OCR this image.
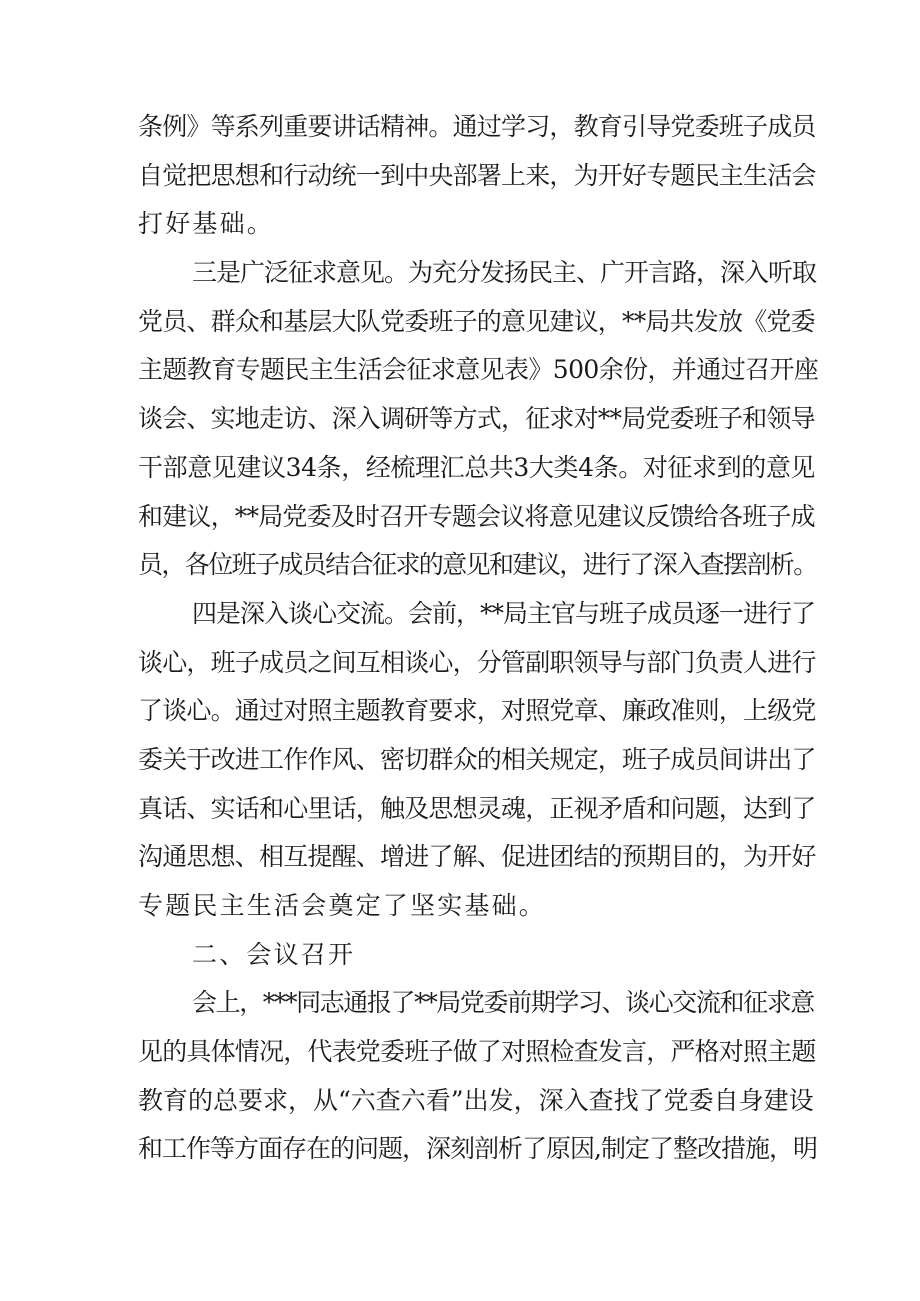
条例》等系列重要讲话精神。通过学习，教育引导党委班子成员
自觉把思想和行动统一到中央部署上来，为开好专题民主生活会
打好基础。
三是广泛征求意见。为充分发扬民主、广开言路，深入听取
党员、群众和基层大队党委班子的意见建议，**局共发放《党委
主题教育专题民主生活会征求意见表》500余份，并通过召开座
谈会、实地走访、深入调研等方式，征求对**局党委班子和领导
干部意见建议34条，经梳理汇总共3大类4条。对征求到的意见
和建议，**局党委及时召开专题会议将意见建议反馈给各班子成
员，各位班子成员结合征求的意见和建议，进行了深入查摆剖析。
四是深入谈心交流。会前，**局主官与班子成员逐一进行了
谈心，班子成员之间互相谈心，分管副职领导与部门负责人进行
了谈心。通过对照主题教育要求，对照党章、廉政准则，上级党
委关于改进工作作风、密切群众的相关规定，班子成员间讲出了
真话、实话和心里话，触及思想灵魂，正视矛盾和问题，达到了
沟通思想、相互提醒、增进了解、促进团结的预期目的，为开好
专题民主生活会奠定了坚实基础。
二、会议召开
会上，***同志通报了**局党委前期学习、谈心交流和征求意
见的具体情况，代表党委班子做了对照检查发言，严格对照主题
教育的总要求，从“六查六看”出发，深入查找了党委自身建设
和工作等方面存在的问题，深刻剖析了原因,制定了整改措施，明
